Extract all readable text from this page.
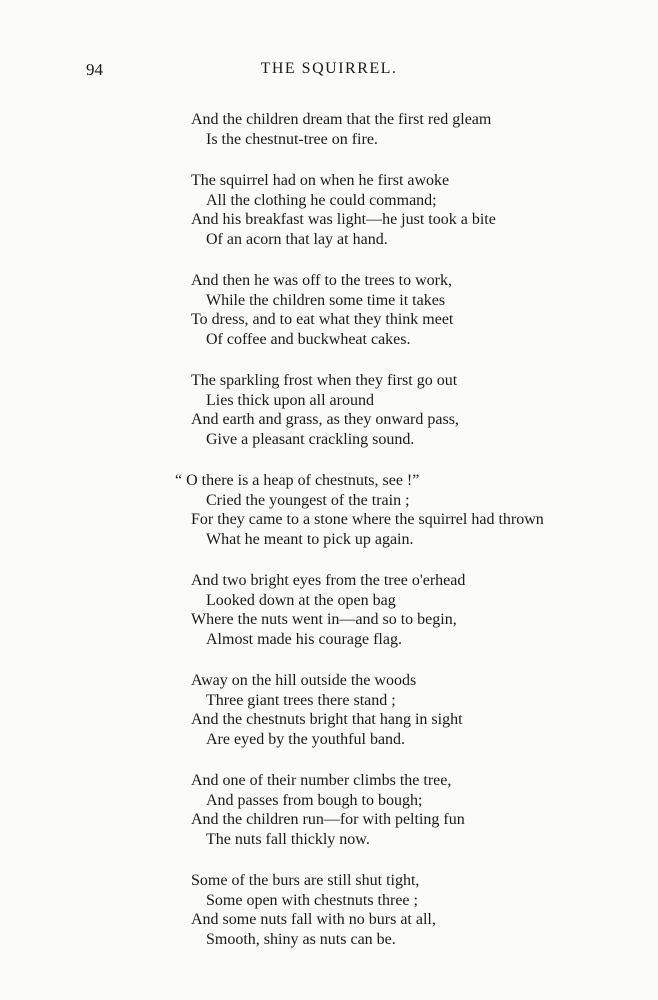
94	THE SQUIRREL.
And the children dream that the first red gleam
Is the chestnut-tree on fire.
The squirrel had on when he first awoke
All the clothing he could command;
And his breakfast was light—he just took a bite
Of an acorn that lay at hand.
And then he was off to the trees to work,
While the children some time it takes
To dress, and to eat what they think meet
Of coffee and buckwheat cakes.
The sparkling frost when they first go out
Lies thick upon all around
And earth and grass, as they onward pass,
Give a pleasant crackling sound.
“ O there is a heap of chestnuts, see !”
Cried the youngest of the train ;
For they came to a stone where the squirrel had thrown
What he meant to pick up again.
And two bright eyes from the tree o'erhead
Looked down at the open bag
Where the nuts went in—and so to begin,
Almost made his courage flag.
Away on the hill outside the woods
Three giant trees there stand ;
And the chestnuts bright that hang in sight
Are eyed by the youthful band.
And one of their number climbs the tree,
And passes from bough to bough;
And the children run—for with pelting fun
The nuts fall thickly now.
Some of the burs are still shut tight,
Some open with chestnuts three ;
And some nuts fall with no burs at all,
Smooth, shiny as nuts can be.
